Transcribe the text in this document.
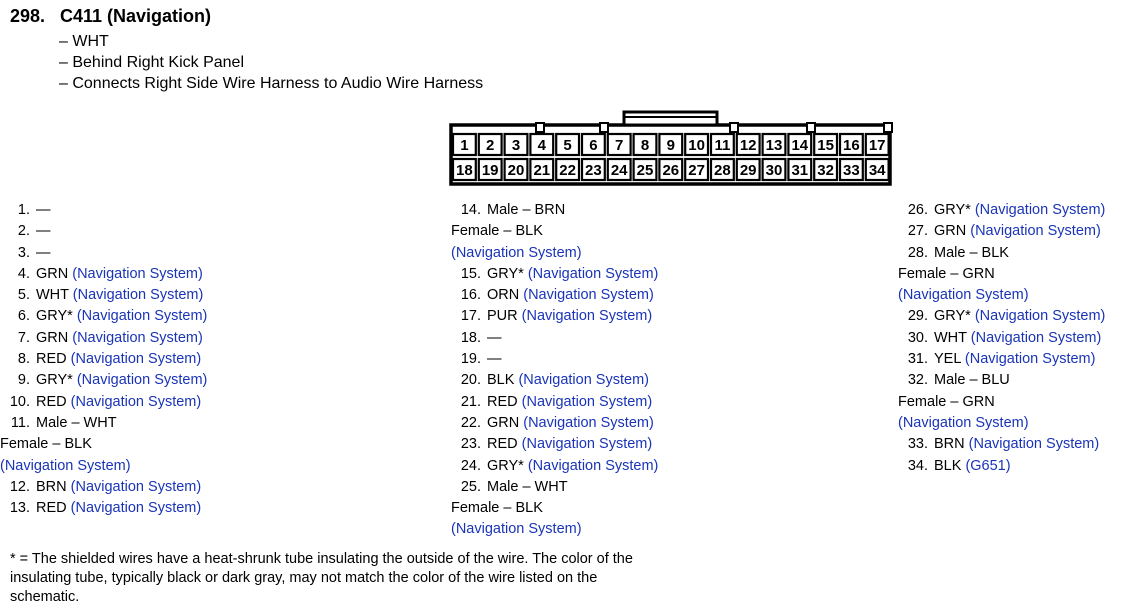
298. C411 (Navigation)
– WHT
– Behind Right Kick Panel
– Connects Right Side Wire Harness to Audio Wire Harness
1 2 3 4 5 6 7 8 9 10 11 12 13 14 15 16 17
18 19 20 21 22 23 24 25 26 27 28 29 30 31 32 33 34
1. —
2. —
3. —
4. GRN (Navigation System)
5. WHT (Navigation System)
6. GRY* (Navigation System)
7. GRN (Navigation System)
8. RED (Navigation System)
9. GRY* (Navigation System)
10. RED (Navigation System)
11. Male – WHT
Female – BLK
(Navigation System)
12. BRN (Navigation System)
13. RED (Navigation System)
14. Male – BRN
Female – BLK
(Navigation System)
15. GRY* (Navigation System)
16. ORN (Navigation System)
17. PUR (Navigation System)
18. —
19. —
20. BLK (Navigation System)
21. RED (Navigation System)
22. GRN (Navigation System)
23. RED (Navigation System)
24. GRY* (Navigation System)
25. Male – WHT
Female – BLK
(Navigation System)
26. GRY* (Navigation System)
27. GRN (Navigation System)
28. Male – BLK
Female – GRN
(Navigation System)
29. GRY* (Navigation System)
30. WHT (Navigation System)
31. YEL (Navigation System)
32. Male – BLU
Female – GRN
(Navigation System)
33. BRN (Navigation System)
34. BLK (G651)
* = The shielded wires have a heat-shrunk tube insulating the outside of the wire. The color of the insulating tube, typically black or dark gray, may not match the color of the wire listed on the schematic.
